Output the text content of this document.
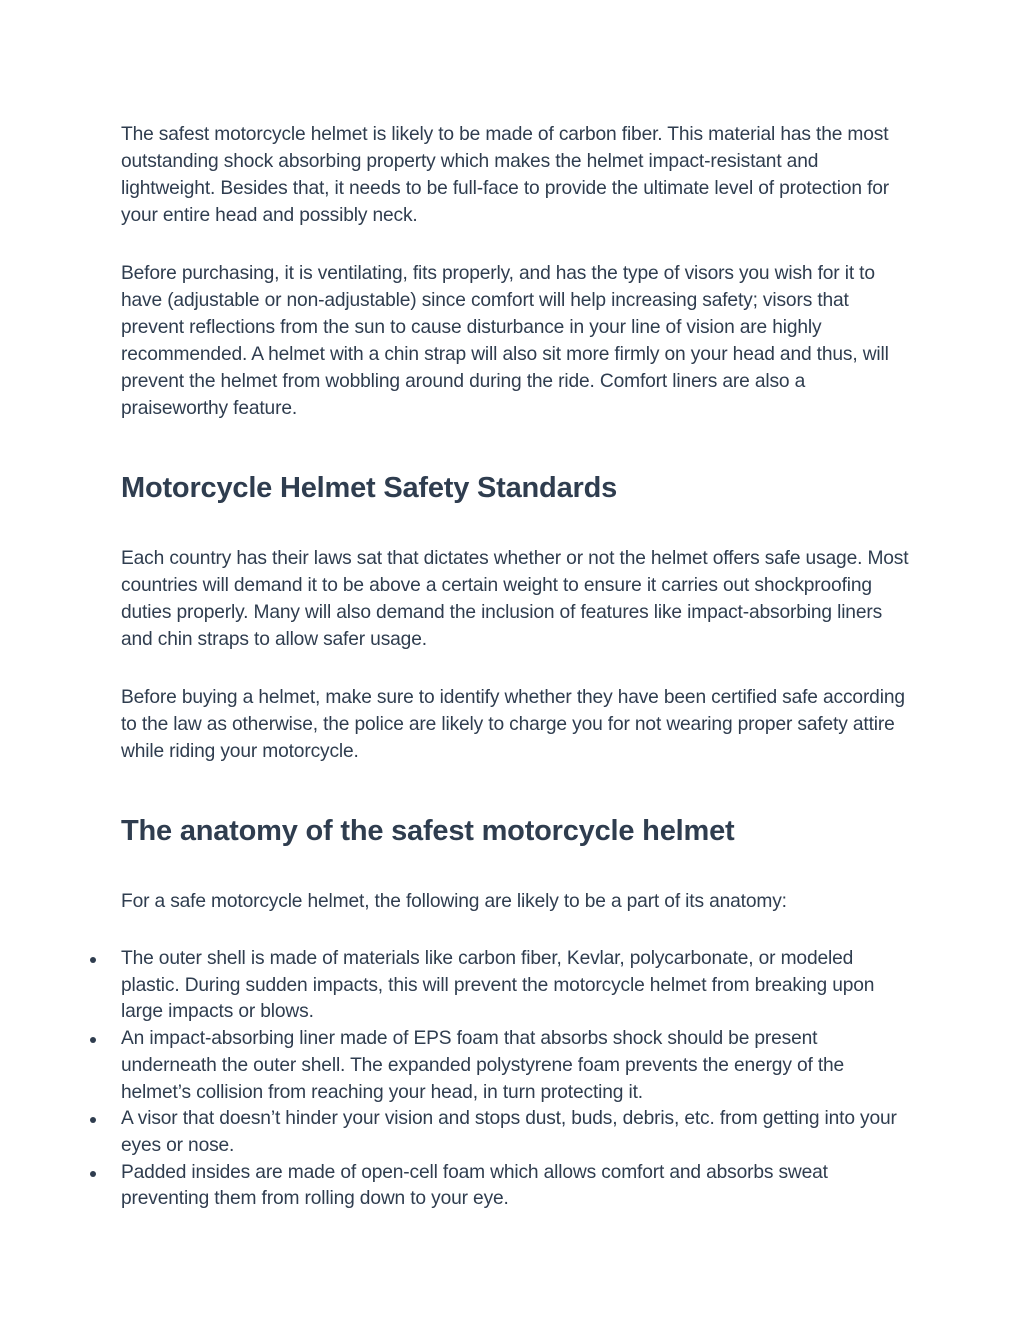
The safest motorcycle helmet is likely to be made of carbon fiber. This material has the most outstanding shock absorbing property which makes the helmet impact-resistant and lightweight. Besides that, it needs to be full-face to provide the ultimate level of protection for your entire head and possibly neck.

Before purchasing, it is ventilating, fits properly, and has the type of visors you wish for it to have (adjustable or non-adjustable) since comfort will help increasing safety; visors that prevent reflections from the sun to cause disturbance in your line of vision are highly recommended. A helmet with a chin strap will also sit more firmly on your head and thus, will prevent the helmet from wobbling around during the ride. Comfort liners are also a praiseworthy feature.

Motorcycle Helmet Safety Standards

Each country has their laws sat that dictates whether or not the helmet offers safe usage. Most countries will demand it to be above a certain weight to ensure it carries out shockproofing duties properly. Many will also demand the inclusion of features like impact-absorbing liners and chin straps to allow safer usage.

Before buying a helmet, make sure to identify whether they have been certified safe according to the law as otherwise, the police are likely to charge you for not wearing proper safety attire while riding your motorcycle.

The anatomy of the safest motorcycle helmet

For a safe motorcycle helmet, the following are likely to be a part of its anatomy:

The outer shell is made of materials like carbon fiber, Kevlar, polycarbonate, or modeled plastic. During sudden impacts, this will prevent the motorcycle helmet from breaking upon large impacts or blows.
An impact-absorbing liner made of EPS foam that absorbs shock should be present underneath the outer shell. The expanded polystyrene foam prevents the energy of the helmet’s collision from reaching your head, in turn protecting it.
A visor that doesn’t hinder your vision and stops dust, buds, debris, etc. from getting into your eyes or nose.
Padded insides are made of open-cell foam which allows comfort and absorbs sweat preventing them from rolling down to your eye.
